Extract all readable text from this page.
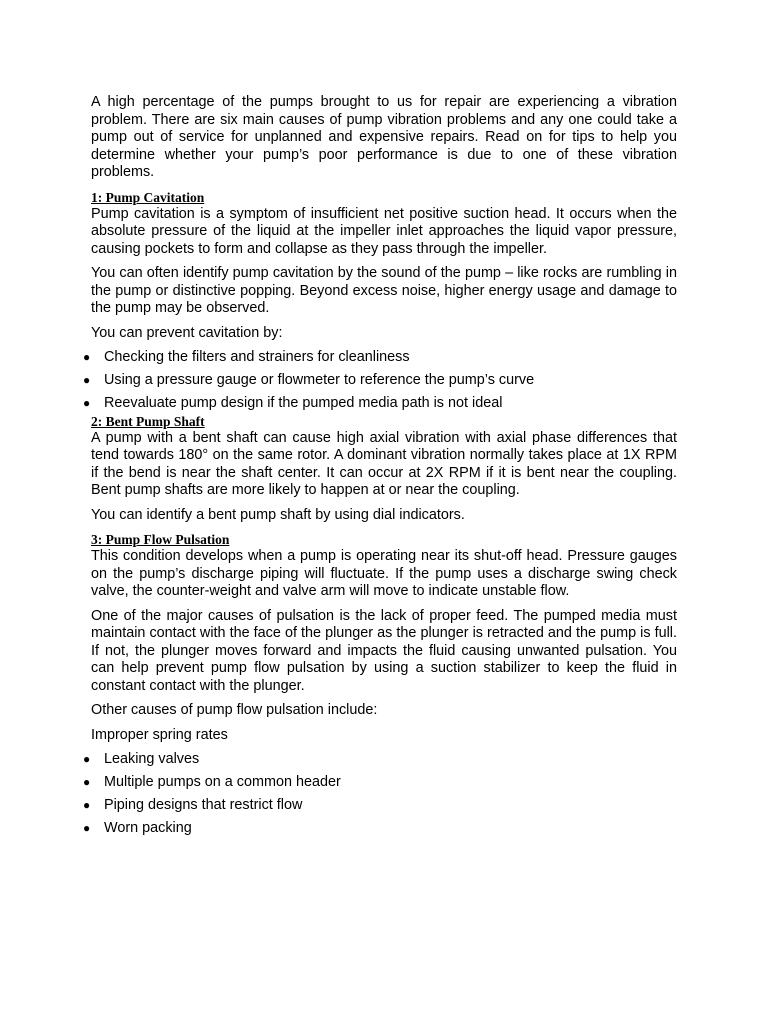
A high percentage of the pumps brought to us for repair are experiencing a vibration problem. There are six main causes of pump vibration problems and any one could take a pump out of service for unplanned and expensive repairs. Read on for tips to help you determine whether your pump’s poor performance is due to one of these vibration problems.

1: Pump Cavitation

Pump cavitation is a symptom of insufficient net positive suction head. It occurs when the absolute pressure of the liquid at the impeller inlet approaches the liquid vapor pressure, causing pockets to form and collapse as they pass through the impeller.

You can often identify pump cavitation by the sound of the pump – like rocks are rumbling in the pump or distinctive popping. Beyond excess noise, higher energy usage and damage to the pump may be observed.

You can prevent cavitation by:

● Checking the filters and strainers for cleanliness
● Using a pressure gauge or flowmeter to reference the pump’s curve
● Reevaluate pump design if the pumped media path is not ideal
2: Bent Pump Shaft

A pump with a bent shaft can cause high axial vibration with axial phase differences that tend towards 180° on the same rotor. A dominant vibration normally takes place at 1X RPM if the bend is near the shaft center. It can occur at 2X RPM if it is bent near the coupling. Bent pump shafts are more likely to happen at or near the coupling.

You can identify a bent pump shaft by using dial indicators.

3: Pump Flow Pulsation

This condition develops when a pump is operating near its shut-off head. Pressure gauges on the pump’s discharge piping will fluctuate. If the pump uses a discharge swing check valve, the counter-weight and valve arm will move to indicate unstable flow.

One of the major causes of pulsation is the lack of proper feed. The pumped media must maintain contact with the face of the plunger as the plunger is retracted and the pump is full. If not, the plunger moves forward and impacts the fluid causing unwanted pulsation. You can help prevent pump flow pulsation by using a suction stabilizer to keep the fluid in constant contact with the plunger.

Other causes of pump flow pulsation include:

Improper spring rates

● Leaking valves
● Multiple pumps on a common header
● Piping designs that restrict flow
● Worn packing
